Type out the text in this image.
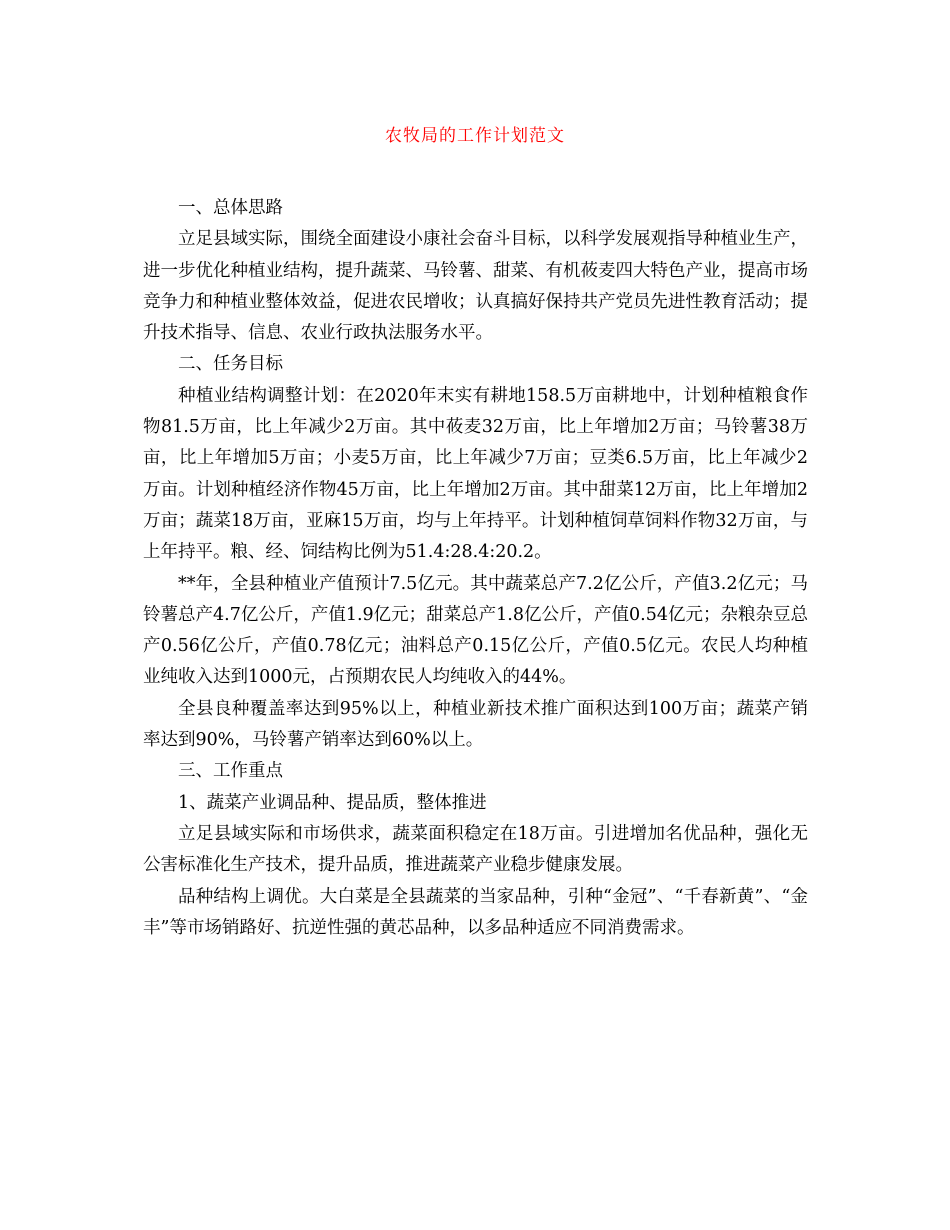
农牧局的工作计划范文

一、总体思路

立足县域实际，围绕全面建设小康社会奋斗目标，以科学发展观指导种植业生产，进一步优化种植业结构，提升蔬菜、马铃薯、甜菜、有机莜麦四大特色产业，提高市场竞争力和种植业整体效益，促进农民增收；认真搞好保持共产党员先进性教育活动；提升技术指导、信息、农业行政执法服务水平。

二、任务目标

种植业结构调整计划：在2020年末实有耕地158.5万亩耕地中，计划种植粮食作物81.5万亩，比上年减少2万亩。其中莜麦32万亩，比上年增加2万亩；马铃薯38万亩，比上年增加5万亩；小麦5万亩，比上年减少7万亩；豆类6.5万亩，比上年减少2万亩。计划种植经济作物45万亩，比上年增加2万亩。其中甜菜12万亩，比上年增加2万亩；蔬菜18万亩，亚麻15万亩，均与上年持平。计划种植饲草饲料作物32万亩，与上年持平。粮、经、饲结构比例为51.4:28.4:20.2。

**年，全县种植业产值预计7.5亿元。其中蔬菜总产7.2亿公斤，产值3.2亿元；马铃薯总产4.7亿公斤，产值1.9亿元；甜菜总产1.8亿公斤，产值0.54亿元；杂粮杂豆总产0.56亿公斤，产值0.78亿元；油料总产0.15亿公斤，产值0.5亿元。农民人均种植业纯收入达到1000元，占预期农民人均纯收入的44%。

全县良种覆盖率达到95%以上，种植业新技术推广面积达到100万亩；蔬菜产销率达到90%，马铃薯产销率达到60%以上。

三、工作重点

1、蔬菜产业调品种、提品质，整体推进

立足县域实际和市场供求，蔬菜面积稳定在18万亩。引进增加名优品种，强化无公害标准化生产技术，提升品质，推进蔬菜产业稳步健康发展。

品种结构上调优。大白菜是全县蔬菜的当家品种，引种“金冠”、“千春新黄”、“金丰”等市场销路好、抗逆性强的黄芯品种，以多品种适应不同消费需求。
